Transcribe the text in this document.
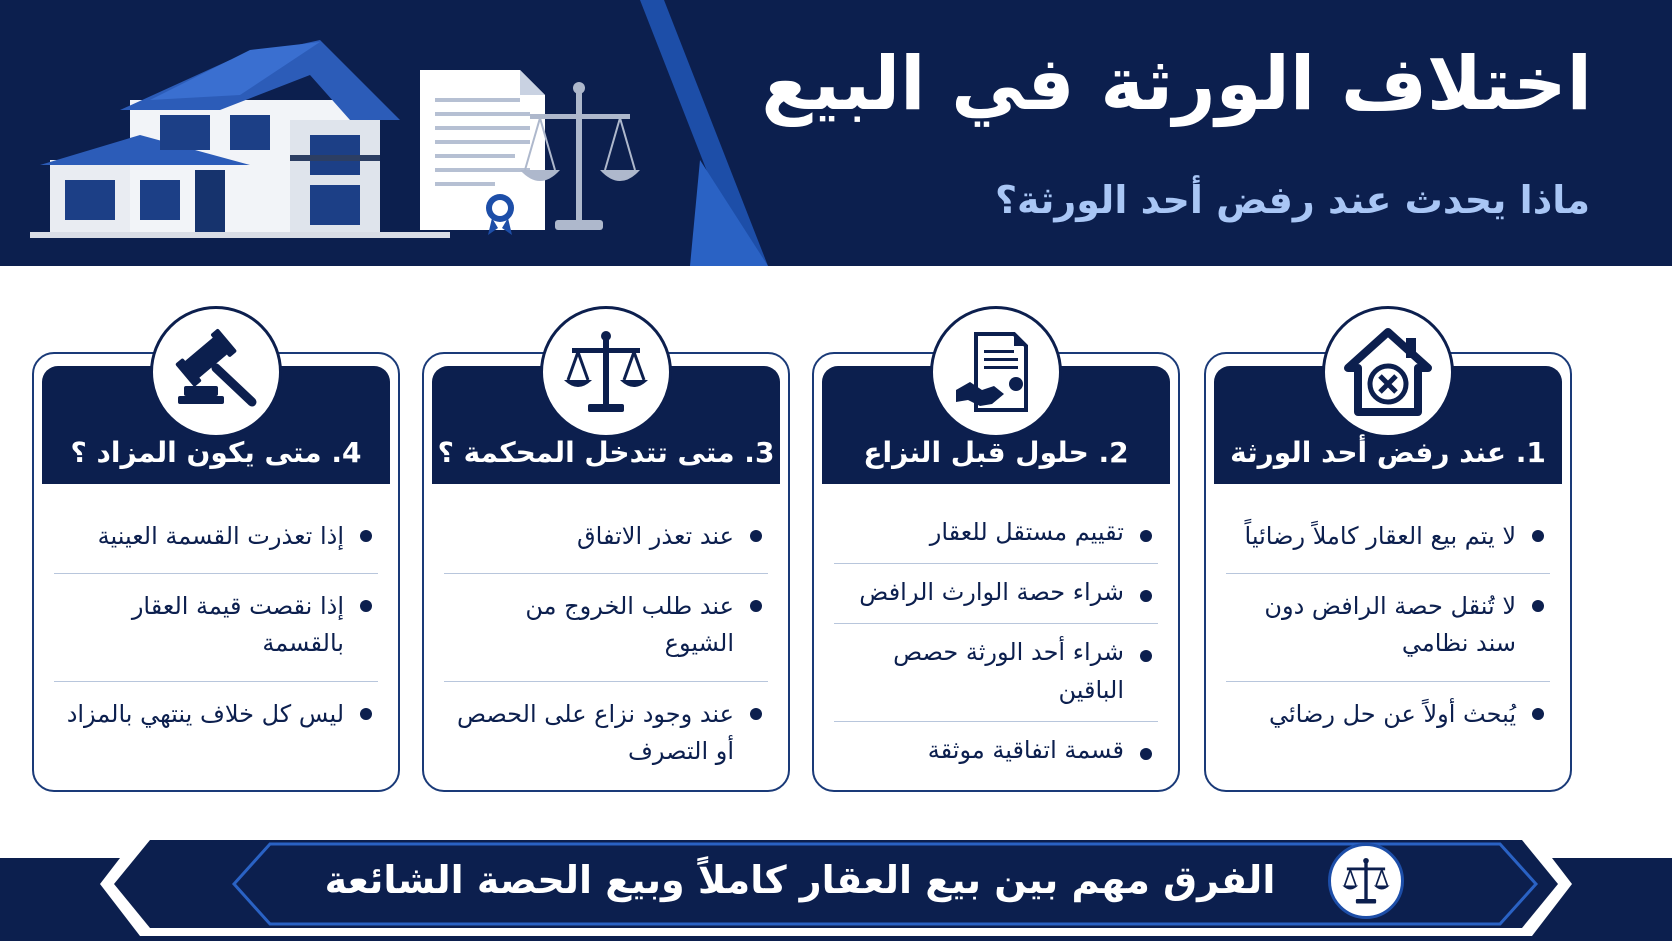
اختلاف الورثة في البيع
ماذا يحدث عند رفض أحد الورثة؟
1. عند رفض أحد الورثة
لا يتم بيع العقار كاملاً رضائياً
لا تُنقل حصة الرافض دون سند نظامي
يُبحث أولاً عن حل رضائي
2. حلول قبل النزاع
تقييم مستقل للعقار
شراء حصة الوارث الرافض
شراء أحد الورثة حصص الباقين
قسمة اتفاقية موثقة
3. متى تتدخل المحكمة ؟
عند تعذر الاتفاق
عند طلب الخروج من الشيوع
عند وجود نزاع على الحصص أو التصرف
4. متى يكون المزاد ؟
إذا تعذرت القسمة العينية
إذا نقصت قيمة العقار بالقسمة
ليس كل خلاف ينتهي بالمزاد
الفرق مهم بين بيع العقار كاملاً وبيع الحصة الشائعة
